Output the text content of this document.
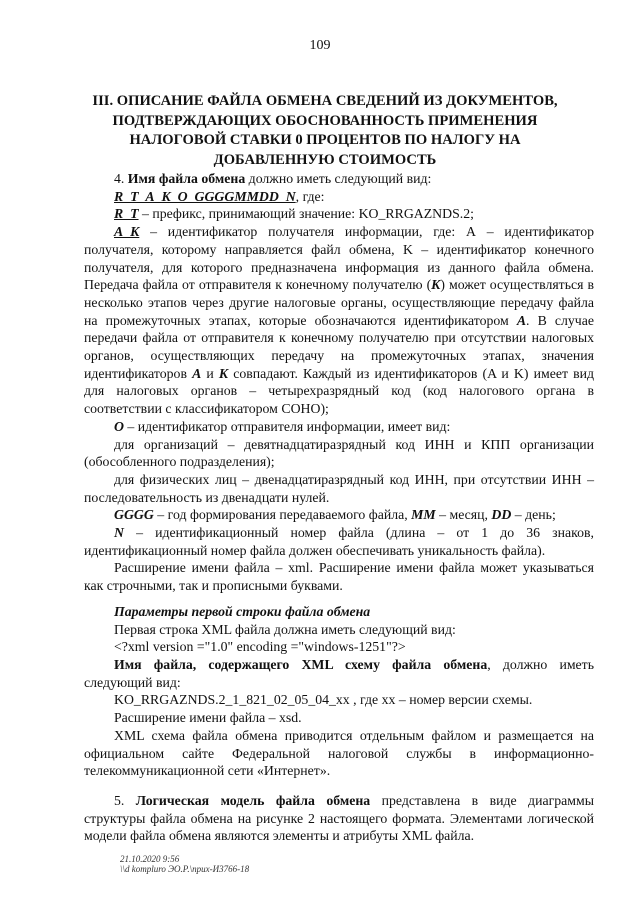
109
III. ОПИСАНИЕ ФАЙЛА ОБМЕНА СВЕДЕНИЙ ИЗ ДОКУМЕНТОВ, ПОДТВЕРЖДАЮЩИХ ОБОСНОВАННОСТЬ ПРИМЕНЕНИЯ НАЛОГОВОЙ СТАВКИ 0 ПРОЦЕНТОВ ПО НАЛОГУ НА ДОБАВЛЕННУЮ СТОИМОСТЬ

4. Имя файла обмена должно иметь следующий вид:

R_T_A_K_O_GGGGMMDD_N, где:

R_T – префикс, принимающий значение: KO_RRGAZNDS.2;

A_K – идентификатор получателя информации, где: А – идентификатор получателя, которому направляется файл обмена, K – идентификатор конечного получателя, для которого предназначена информация из данного файла обмена. Передача файла от отправителя к конечному получателю (K) может осуществляться в несколько этапов через другие налоговые органы, осуществляющие передачу файла на промежуточных этапах, которые обозначаются идентификатором A. В случае передачи файла от отправителя к конечному получателю при отсутствии налоговых органов, осуществляющих передачу на промежуточных этапах, значения идентификаторов A и K совпадают. Каждый из идентификаторов (A и K) имеет вид для налоговых органов – четырехразрядный код (код налогового органа в соответствии с классификатором СОНО);

O – идентификатор отправителя информации, имеет вид:

для организаций – девятнадцатиразрядный код ИНН и КПП организации (обособленного подразделения);

для физических лиц – двенадцатиразрядный код ИНН, при отсутствии ИНН – последовательность из двенадцати нулей.

GGGG – год формирования передаваемого файла, MM – месяц, DD – день;

N – идентификационный номер файла (длина – от 1 до 36 знаков, идентификационный номер файла должен обеспечивать уникальность файла).

Расширение имени файла – xml. Расширение имени файла может указываться как строчными, так и прописными буквами.

Параметры первой строки файла обмена

Первая строка XML файла должна иметь следующий вид:

<?xml version ="1.0" encoding ="windows-1251"?>

Имя файла, содержащего XML схему файла обмена, должно иметь следующий вид:

KO_RRGAZNDS.2_1_821_02_05_04_xx , где xx – номер версии схемы.

Расширение имени файла – xsd.

XML схема файла обмена приводится отдельным файлом и размещается на официальном сайте Федеральной налоговой службы в информационно-телекоммуникационной сети «Интернет».

5. Логическая модель файла обмена представлена в виде диаграммы структуры файла обмена на рисунке 2 настоящего формата. Элементами логической модели файла обмена являются элементы и атрибуты XML файла.

21.10.2020 9:56
\\d kompluro ЭО.Р.\приx-И3766-18
